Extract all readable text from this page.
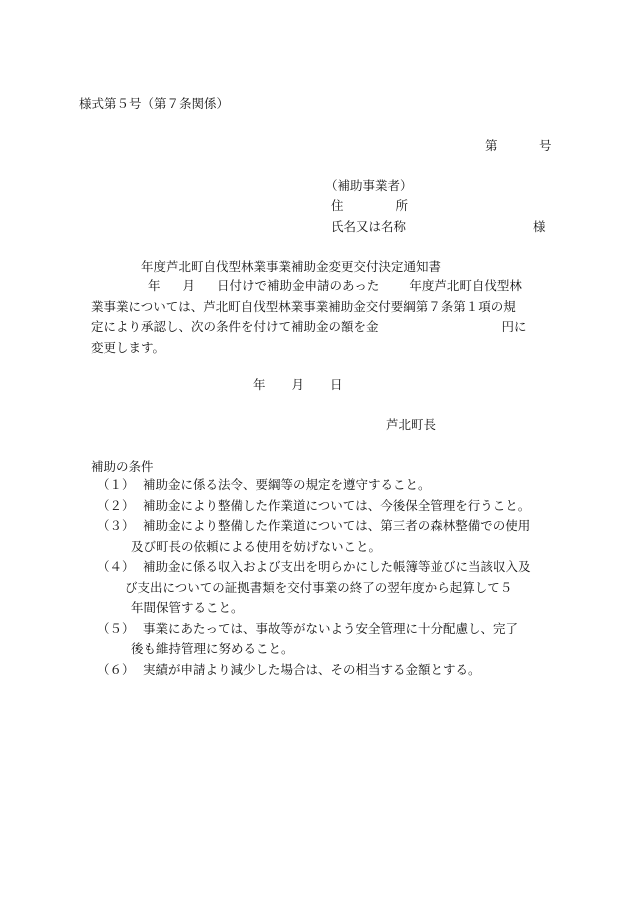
様式第５号（第７条関係）
第	号
（補助事業者）
住	所
氏名又は名称	様
年度芦北町自伐型林業事業補助金変更交付決定通知書
年 月 日付けで補助金申請のあった 年度芦北町自伐型林
業事業については、芦北町自伐型林業事業補助金交付要綱第７条第１項の規
定により承認し、次の条件を付けて補助金の額を金	円に
変更します。
年 月 日
芦北町長
補助の条件
（１） 補助金に係る法令、要綱等の規定を遵守すること。
（２） 補助金により整備した作業道については、今後保全管理を行うこと。
（３） 補助金により整備した作業道については、第三者の森林整備での使用
及び町長の依頼による使用を妨げないこと。
（４） 補助金に係る収入および支出を明らかにした帳簿等並びに当該収入及
び支出についての証拠書類を交付事業の終了の翌年度から起算して５
年間保管すること。
（５） 事業にあたっては、事故等がないよう安全管理に十分配慮し、完了
後も維持管理に努めること。
（６） 実績が申請より減少した場合は、その相当する金額とする。
